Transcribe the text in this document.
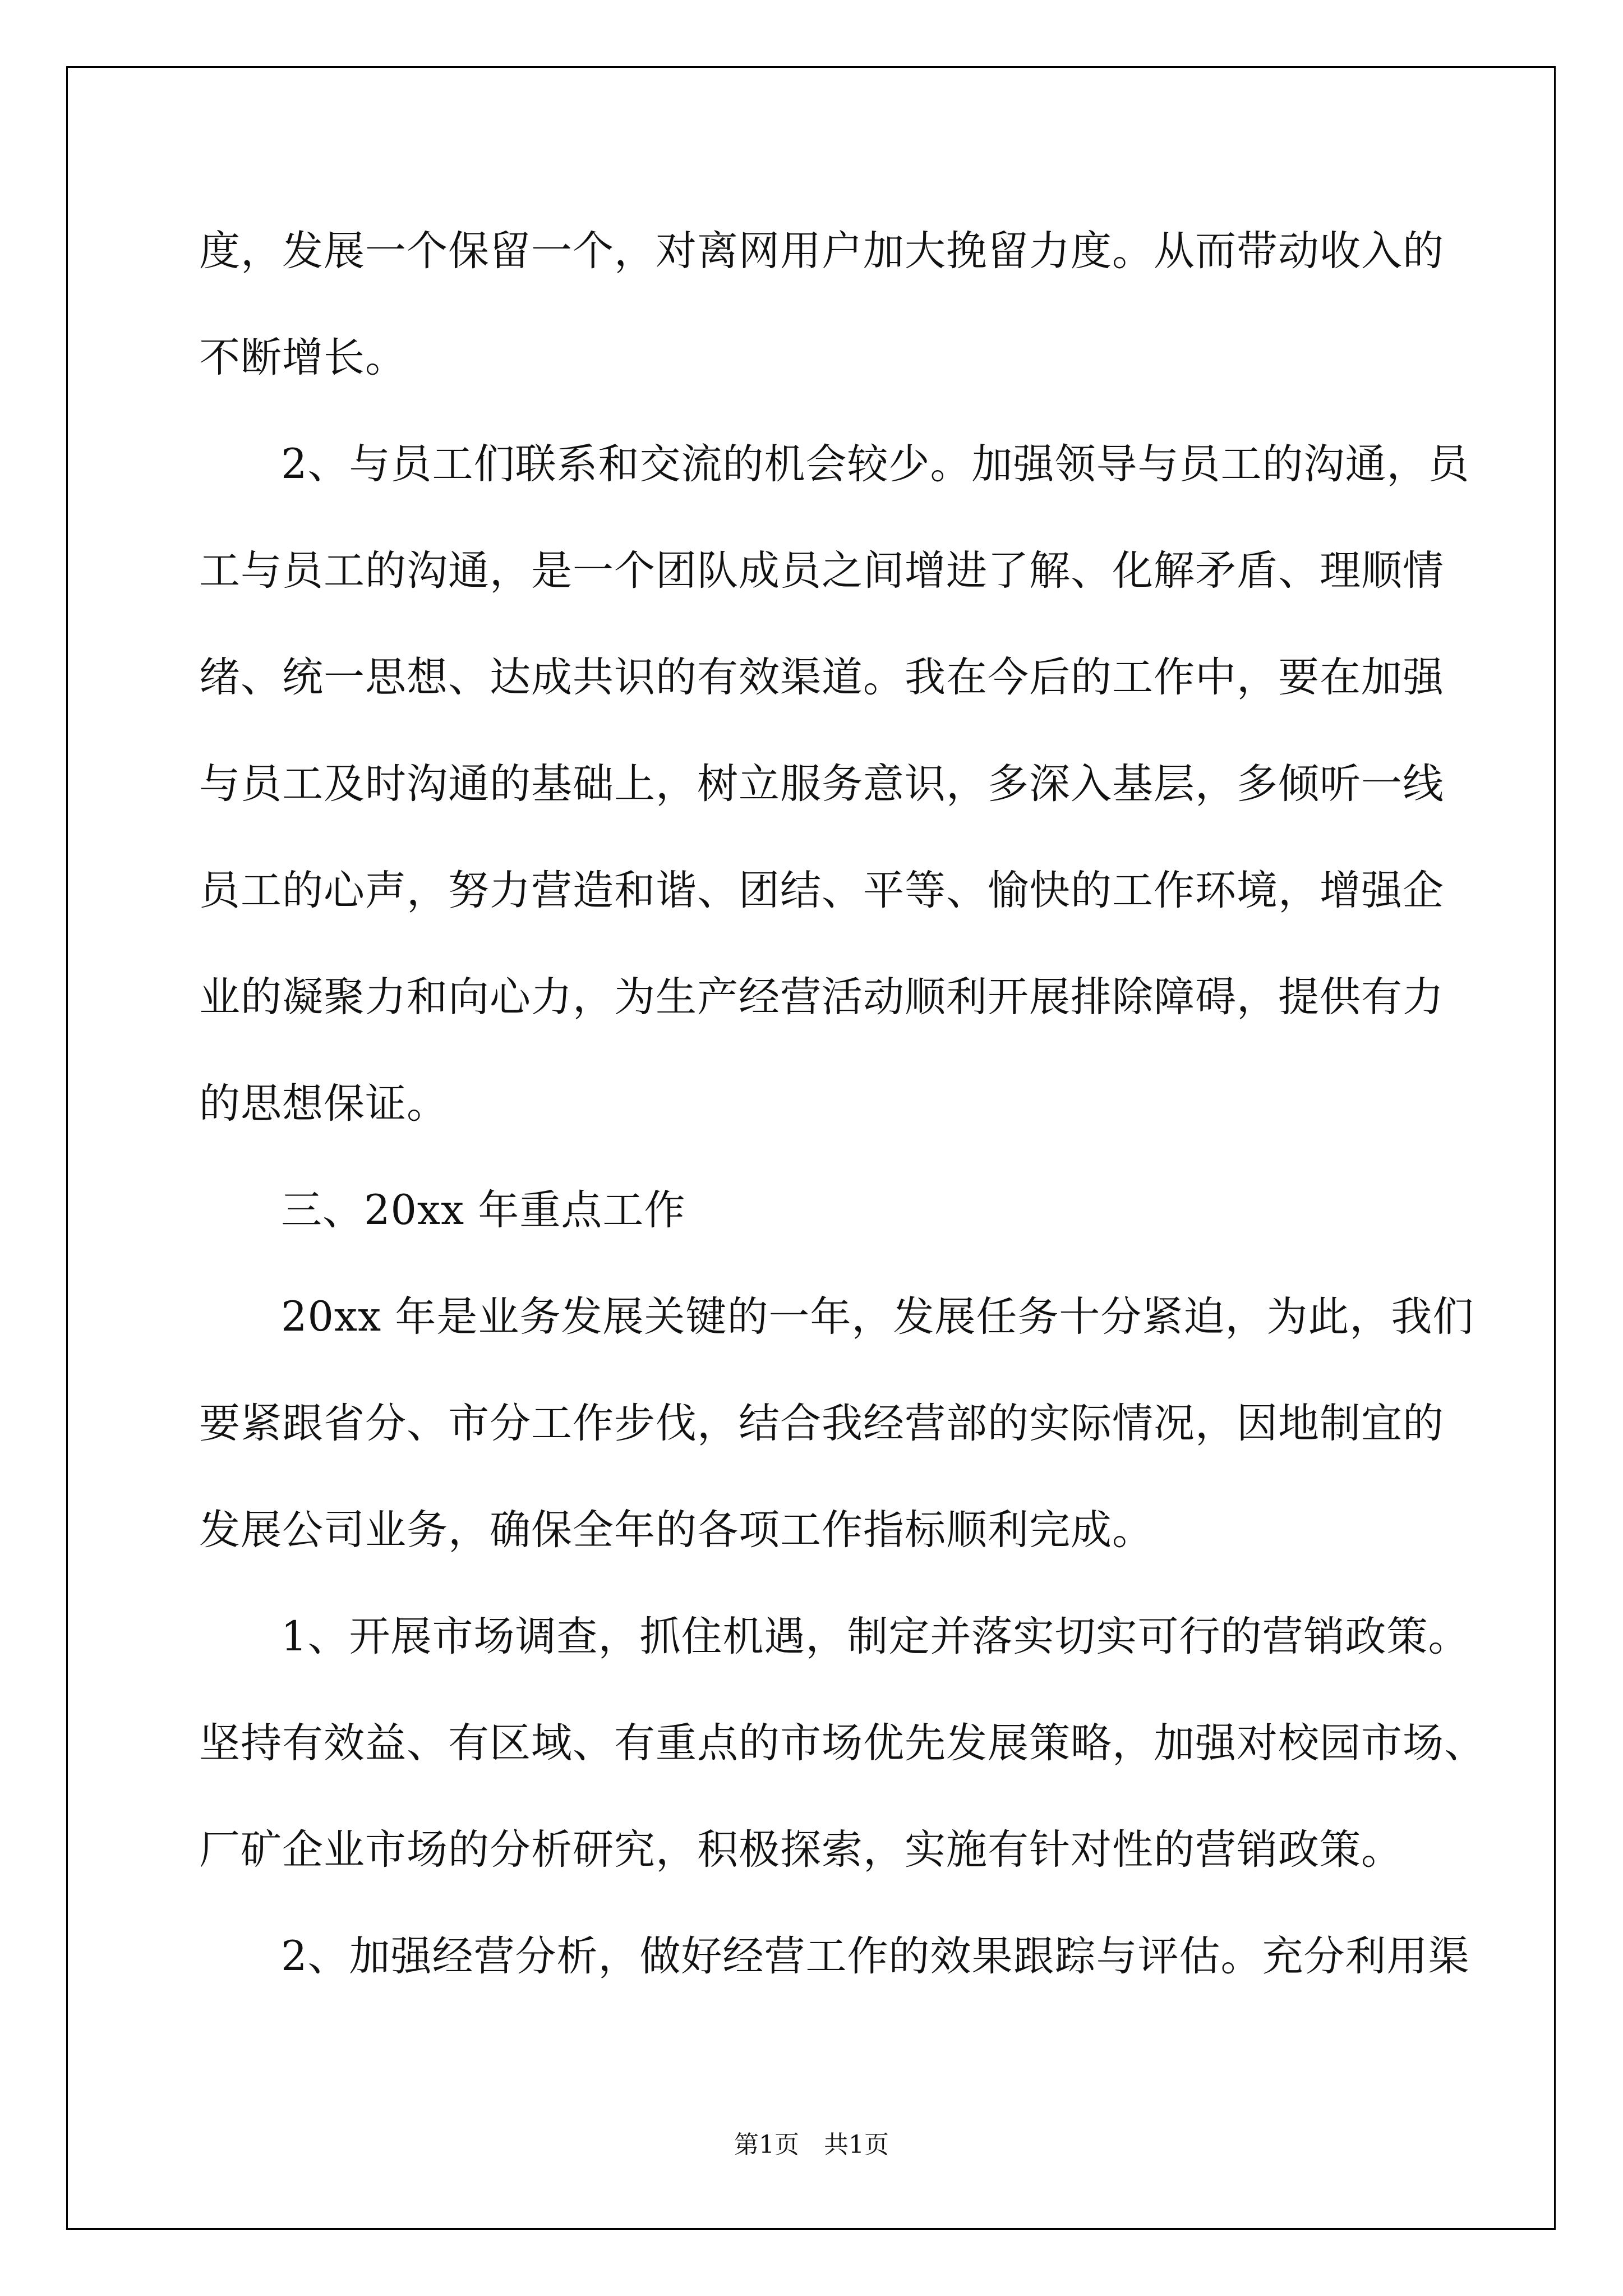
度，发展一个保留一个，对离网用户加大挽留力度。从而带动收入的
不断增长。
2、与员工们联系和交流的机会较少。加强领导与员工的沟通，员
工与员工的沟通，是一个团队成员之间增进了解、化解矛盾、理顺情
绪、统一思想、达成共识的有效渠道。我在今后的工作中，要在加强
与员工及时沟通的基础上，树立服务意识，多深入基层，多倾听一线
员工的心声，努力营造和谐、团结、平等、愉快的工作环境，增强企
业的凝聚力和向心力，为生产经营活动顺利开展排除障碍，提供有力
的思想保证。
三、20xx 年重点工作
20xx 年是业务发展关键的一年，发展任务十分紧迫，为此，我们
要紧跟省分、市分工作步伐，结合我经营部的实际情况，因地制宜的
发展公司业务，确保全年的各项工作指标顺利完成。
1、开展市场调查，抓住机遇，制定并落实切实可行的营销政策。
坚持有效益、有区域、有重点的市场优先发展策略，加强对校园市场、
厂矿企业市场的分析研究，积极探索，实施有针对性的营销政策。
2、加强经营分析，做好经营工作的效果跟踪与评估。充分利用渠
第1页　共1页
